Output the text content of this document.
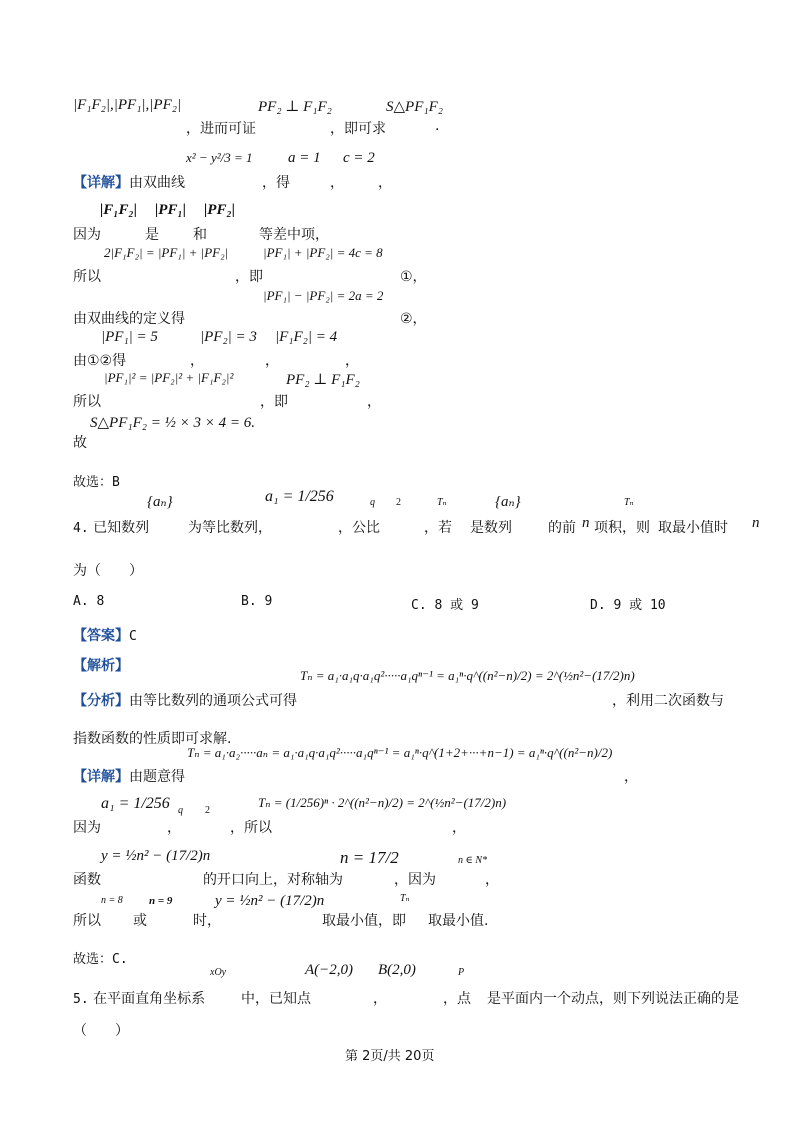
|F₁F₂|,|PF₁|,|PF₂|
，进而可证
PF₂ ⊥ F₁F₂
，即可求
S△PF₁F₂
.
x² − y²/3 = 1 a = 1 c = 2
【详解】由双曲线	，得	， ，
|F₁F₂| |PF₁| |PF₂|
因为	是 和	等差中项，
2|F₁F₂| = |PF₁| + |PF₂|	|PF₁| + |PF₂| = 4c = 8
所以	，即	①，
|PF₁| − |PF₂| = 2a = 2
由双曲线的定义得	②，
|PF₁| = 5	|PF₂| = 3 |F₁F₂| = 4
由①②得	，	，	，
|PF₁|² = |PF₂|² + |F₁F₂|²	PF₂ ⊥ F₁F₂
所以	，即	，
S△PF₁F₂ = ½ × 3 × 4 = 6.
故
故选：B
{aₙ}	a₁ = 1/256	q 2	Tₙ	{aₙ}	Tₙ
4. 已知数列	为等比数列，	，公比	，若 是数列	的前 n 项积，则 取最小值时 n
为（　　）
A. 8	B. 9	C. 8 或 9	D. 9 或 10
【答案】C
【解析】
Tₙ = a₁·a₁q·a₁q²·····a₁qⁿ⁻¹ = a₁ⁿ·q^((n²−n)/2) = 2^(½n²−(17/2)n)
【分析】由等比数列的通项公式可得	，利用二次函数与
指数函数的性质即可求解.
Tₙ = a₁·a₂·····aₙ = a₁·a₁q·a₁q²·····a₁qⁿ⁻¹ = a₁ⁿ·q^(1+2+···+n−1) = a₁ⁿ·q^((n²−n)/2)
【详解】由题意得	，
a₁ = 1/256 q 2
Tₙ = (1/256)ⁿ · 2^((n²−n)/2) = 2^(½n²−(17/2)n)
因为	，	，所以	，
y = ½n² − (17/2)n	n = 17/2	n ∈ N*
函数	的开口向上，对称轴为	，因为	，
n = 8 n = 9	y = ½n² − (17/2)n	Tₙ
所以 或	时，	取最小值，即 取最小值.
故选：C.
xOy	A(−2,0) B(2,0)	P
5. 在平面直角坐标系	中，已知点	，	，点 是平面内一个动点，则下列说法正确的是
（　　）
第 2页/共 20页
